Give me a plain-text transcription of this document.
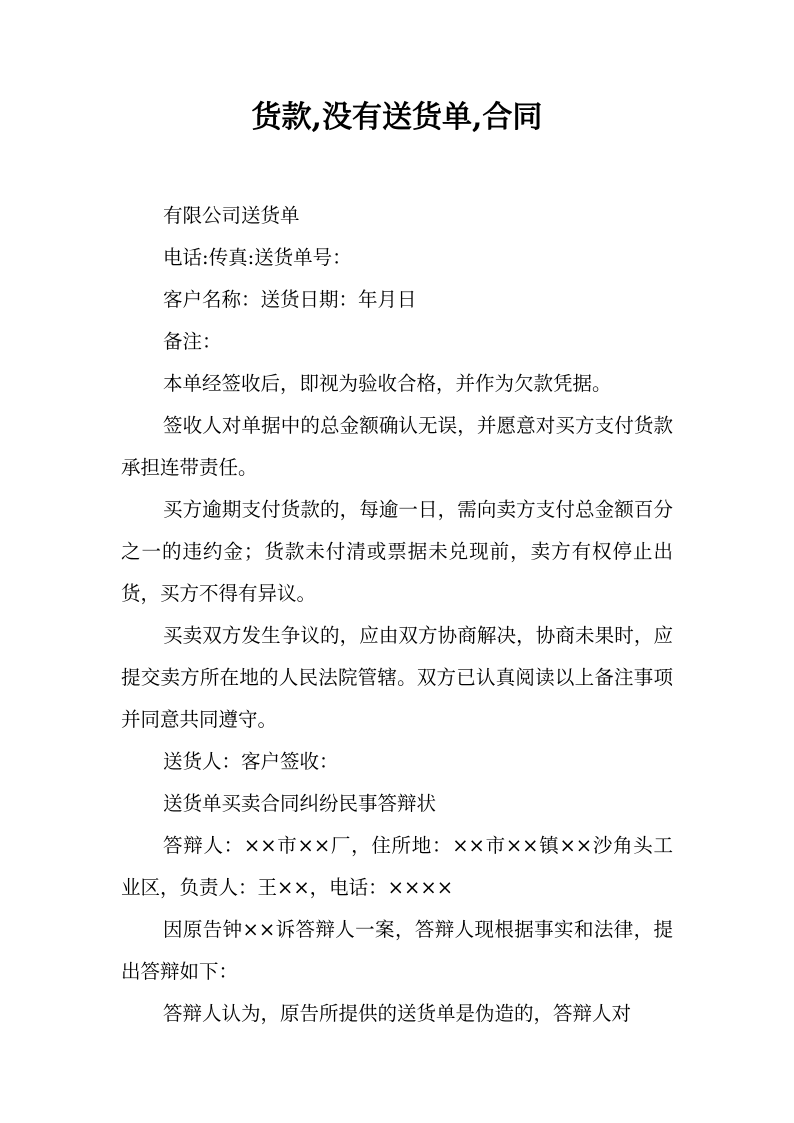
货款,没有送货单,合同

有限公司送货单

电话:传真:送货单号：

客户名称：送货日期：年月日

备注：

本单经签收后，即视为验收合格，并作为欠款凭据。

签收人对单据中的总金额确认无误，并愿意对买方支付货款承担连带责任。

买方逾期支付货款的，每逾一日，需向卖方支付总金额百分之一的违约金；货款未付清或票据未兑现前，卖方有权停止出货，买方不得有异议。

买卖双方发生争议的，应由双方协商解决，协商未果时，应提交卖方所在地的人民法院管辖。双方已认真阅读以上备注事项并同意共同遵守。

送货人：客户签收：

送货单买卖合同纠纷民事答辩状

答辩人：××市××厂，住所地：××市××镇××沙角头工业区，负责人：王××，电话：××××

因原告钟××诉答辩人一案，答辩人现根据事实和法律，提出答辩如下：

答辩人认为，原告所提供的送货单是伪造的，答辩人对
